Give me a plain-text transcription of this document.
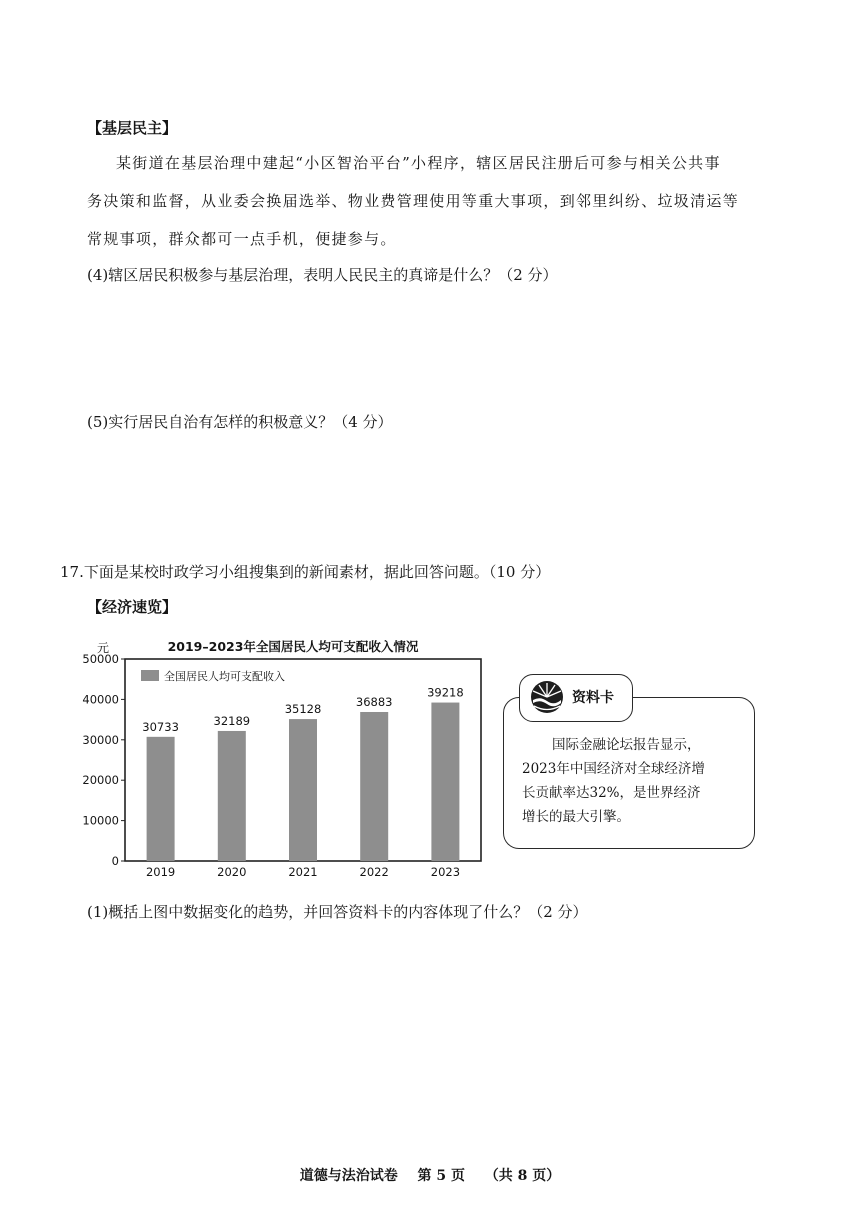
【基层民主】
某街道在基层治理中建起“小区智治平台”小程序，辖区居民注册后可参与相关公共事
务决策和监督，从业委会换届选举、物业费管理使用等重大事项，到邻里纠纷、垃圾清运等
常规事项，群众都可一点手机，便捷参与。
(4)辖区居民积极参与基层治理，表明人民民主的真谛是什么？（2 分）
(5)实行居民自治有怎样的积极意义？（4 分）
17.下面是某校时政学习小组搜集到的新闻素材，据此回答问题。（10 分）
【经济速览】
2019–2023年全国居民人均可支配收入情况
元
全国居民人均可支配收入
0
10000
20000
30000
40000
50000
30733
2019
32189
2020
35128
2021
36883
2022
39218
2023
资料卡
国际金融论坛报告显示，
2023年中国经济对全球经济增
长贡献率达32%，是世界经济
增长的最大引擎。
(1)概括上图中数据变化的趋势，并回答资料卡的内容体现了什么？（2 分）
道德与法治试卷 第 5 页 （共 8 页）
